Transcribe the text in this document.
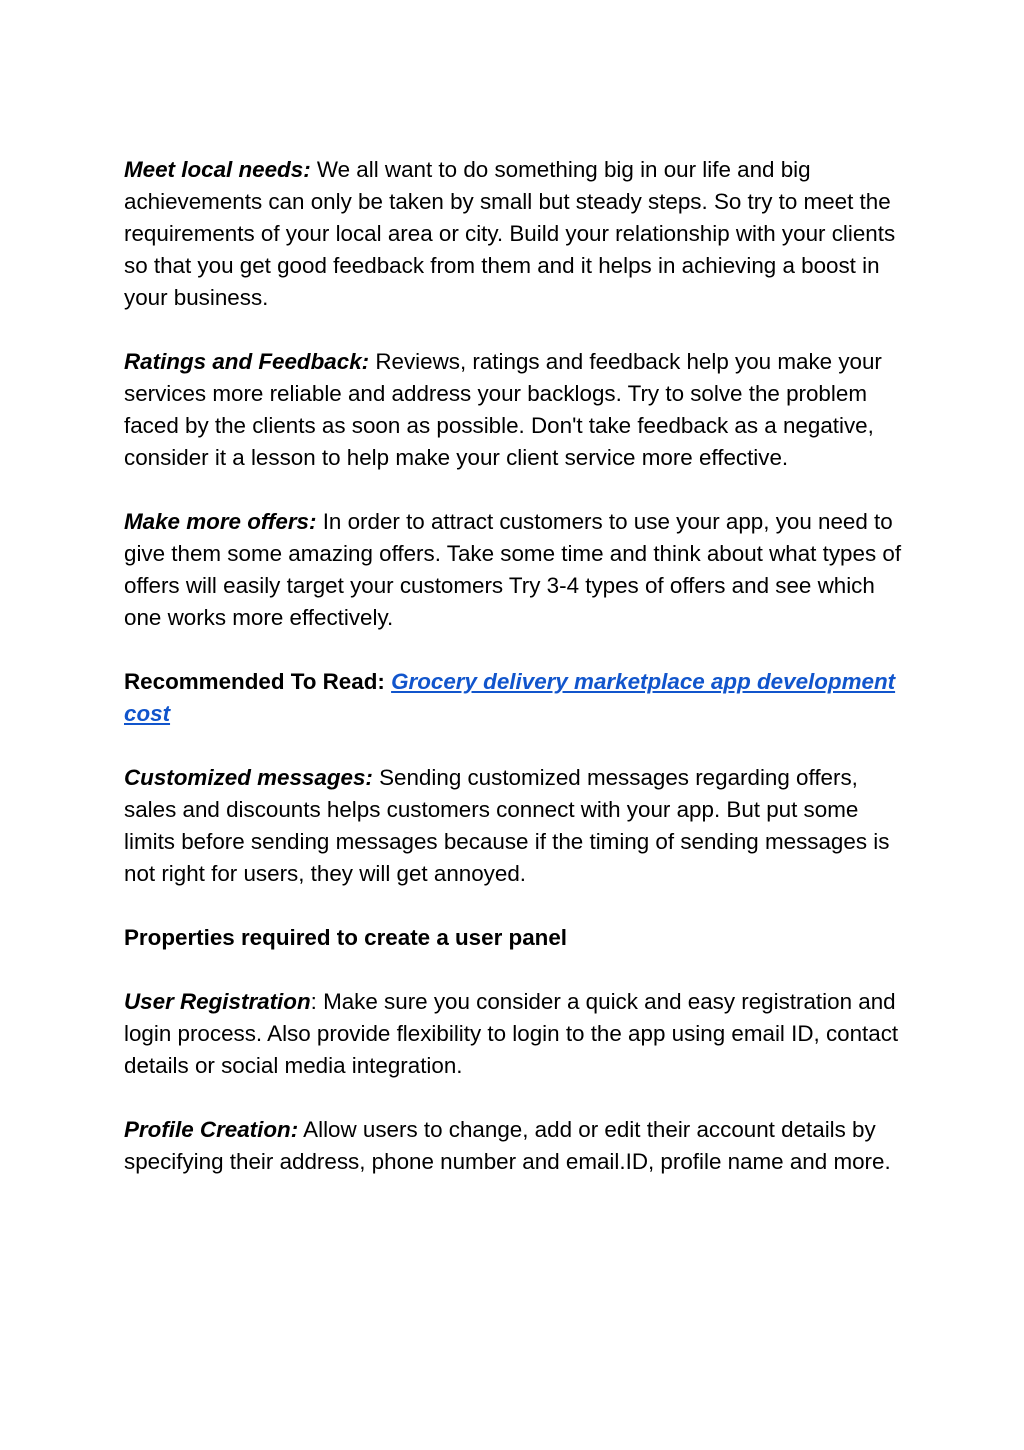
Meet local needs: We all want to do something big in our life and big achievements can only be taken by small but steady steps. So try to meet the requirements of your local area or city. Build your relationship with your clients so that you get good feedback from them and it helps in achieving a boost in your business.

Ratings and Feedback: Reviews, ratings and feedback help you make your services more reliable and address your backlogs. Try to solve the problem faced by the clients as soon as possible. Don't take feedback as a negative, consider it a lesson to help make your client service more effective.

Make more offers: In order to attract customers to use your app, you need to give them some amazing offers. Take some time and think about what types of offers will easily target your customers Try 3-4 types of offers and see which one works more effectively.

Recommended To Read: Grocery delivery marketplace app development cost

Customized messages: Sending customized messages regarding offers, sales and discounts helps customers connect with your app. But put some limits before sending messages because if the timing of sending messages is not right for users, they will get annoyed.

Properties required to create a user panel

User Registration: Make sure you consider a quick and easy registration and login process. Also provide flexibility to login to the app using email ID, contact details or social media integration.

Profile Creation: Allow users to change, add or edit their account details by specifying their address, phone number and email.ID, profile name and more.
